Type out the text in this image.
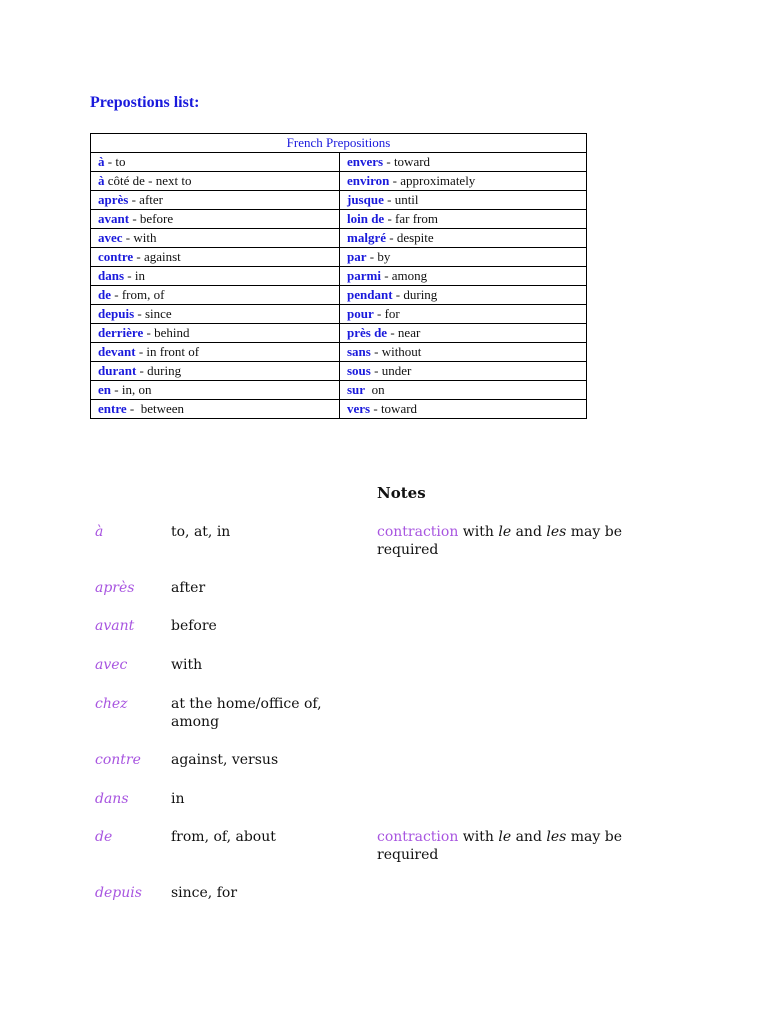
Prepostions list:
French Prepositions	
à - to	envers - toward
à côté de - next to	environ - approximately
après - after	jusque - until
avant - before	loin de - far from
avec - with	malgré - despite
contre - against	par - by
dans - in	parmi - among
de - from, of	pendant - during
depuis - since	pour - for
derrière - behind	près de - near
devant - in front of	sans - without
durant - during	sous - under
en - in, on	sur  on
entre -  between	vers - toward
Notes
à	to, at, in	contraction with le and les may be required
après	after
avant	before
avec	with
chez	at the home/office of, among
contre against, versus
dans	in
de	from, of, about	contraction with le and les may be required
depuis since, for
